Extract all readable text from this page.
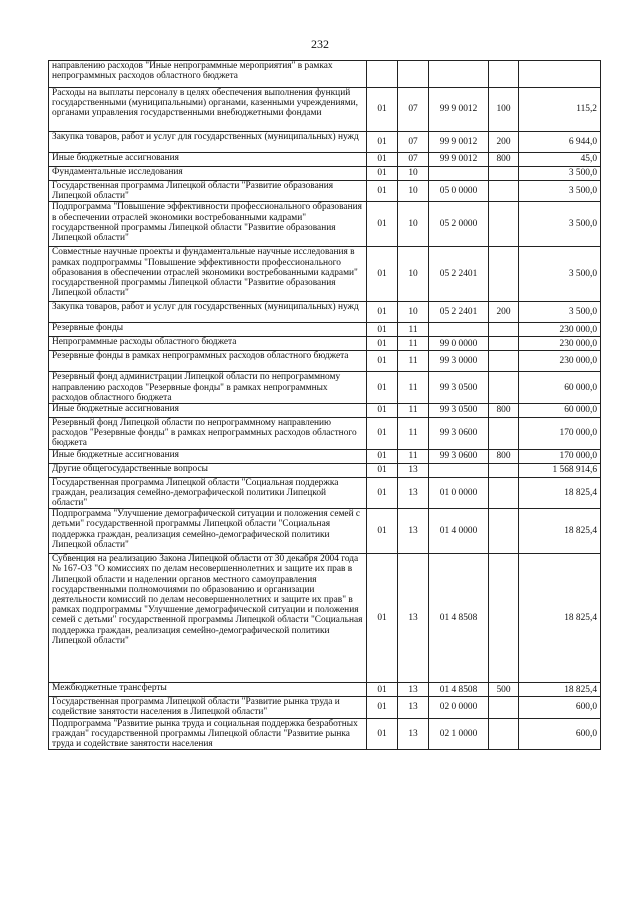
232
направлению расходов "Иные непрограммные мероприятия" в рамках непрограммных расходов областного бюджета					
Расходы на выплаты персоналу в целях обеспечения выполнения функций государственными (муниципальными) органами, казенными учреждениями, органами управления государственными внебюджетными фондами	01	07	99 9 0012	100	115,2
Закупка товаров, работ и услуг для государственных (муниципальных) нужд	01	07	99 9 0012	200	6 944,0
Иные бюджетные ассигнования	01	07	99 9 0012	800	45,0
Фундаментальные исследования	01	10			3 500,0
Государственная программа Липецкой области "Развитие образования Липецкой области"	01	10	05 0 0000		3 500,0
Подпрограмма "Повышение эффективности профессионального образования в обеспечении отраслей экономики востребованными кадрами" государственной программы Липецкой области "Развитие образования Липецкой области"	01	10	05 2 0000		3 500,0
Совместные научные проекты и фундаментальные научные исследования в рамках подпрограммы "Повышение эффективности профессионального образования в обеспечении отраслей экономики востребованными кадрами" государственной программы Липецкой области "Развитие образования Липецкой области"	01	10	05 2 2401		3 500,0
Закупка товаров, работ и услуг для государственных (муниципальных) нужд	01	10	05 2 2401	200	3 500,0
Резервные фонды	01	11			230 000,0
Непрограммные расходы областного бюджета	01	11	99 0 0000		230 000,0
Резервные фонды в рамках непрограммных расходов областного бюджета	01	11	99 3 0000		230 000,0
Резервный фонд администрации Липецкой области по непрограммному направлению расходов "Резервные фонды" в рамках непрограммных расходов областного бюджета	01	11	99 3 0500		60 000,0
Иные бюджетные ассигнования	01	11	99 3 0500	800	60 000,0
Резервный фонд Липецкой области по непрограммному направлению расходов "Резервные фонды" в рамках непрограммных расходов областного бюджета	01	11	99 3 0600		170 000,0
Иные бюджетные ассигнования	01	11	99 3 0600	800	170 000,0
Другие общегосударственные вопросы	01	13			1 568 914,6
Государственная программа Липецкой области "Социальная поддержка граждан, реализация семейно-демографической политики Липецкой области"	01	13	01 0 0000		18 825,4
Подпрограмма "Улучшение демографической ситуации и положения семей с детьми" государственной программы Липецкой области "Социальная поддержка граждан, реализация семейно-демографической политики Липецкой области"	01	13	01 4 0000		18 825,4
Субвенция на реализацию Закона Липецкой области от 30 декабря 2004 года № 167-ОЗ "О комиссиях по делам несовершеннолетних и защите их прав в Липецкой области и наделении органов местного самоуправления государственными полномочиями по образованию и организации деятельности комиссий по делам несовершеннолетних и защите их прав" в рамках подпрограммы "Улучшение демографической ситуации и положения семей с детьми" государственной программы Липецкой области "Социальная поддержка граждан, реализация семейно-демографической политики Липецкой области"	01	13	01 4 8508		18 825,4
Межбюджетные трансферты	01	13	01 4 8508	500	18 825,4
Государственная программа Липецкой области "Развитие рынка труда и содействие занятости населения в Липецкой области"	01	13	02 0 0000		600,0
Подпрограмма "Развитие рынка труда и социальная поддержка безработных граждан" государственной программы Липецкой области "Развитие рынка труда и содействие занятости населения	01	13	02 1 0000		600,0
